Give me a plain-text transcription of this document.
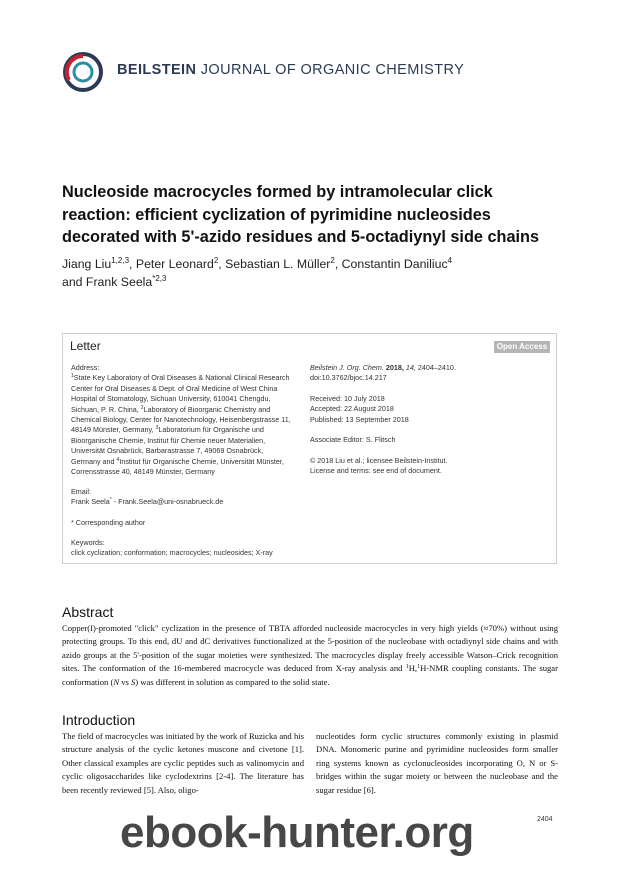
BEILSTEIN JOURNAL OF ORGANIC CHEMISTRY
Nucleoside macrocycles formed by intramolecular click reaction: efficient cyclization of pyrimidine nucleosides decorated with 5'-azido residues and 5-octadiynyl side chains
Jiang Liu$^{1,2,3}$, Peter Leonard$^2$, Sebastian L. Müller$^2$, Constantin Daniliuc$^4$
and Frank Seela$^{*2,3}$
Letter	Open Access
Address:
$^1$State Key Laboratory of Oral Diseases & National Clinical Research
Center for Oral Diseases & Dept. of Oral Medicine of West China
Hospital of Stomatology, Sichuan University, 610041 Chengdu,
Sichuan, P. R. China, $^2$Laboratory of Bioorganic Chemistry and
Chemical Biology, Center for Nanotechnology, Heisenbergstrasse 11,
48149 Münster, Germany, $^3$Laboratorium für Organische und
Bioorganische Chemie, Institut für Chemie neuer Materialien,
Universität Osnabrück, Barbarastrasse 7, 49069 Osnabrück,
Germany and $^4$Institut für Organische Chemie, Universität Münster,
Corrensstrasse 40, 48149 Münster, Germany
Email:
Frank Seela* - Frank.Seela@uni-osnabrueck.de
* Corresponding author
Keywords:
click cyclization; conformation; macrocycles; nucleosides; X-ray
Beilstein J. Org. Chem. 2018, 14, 2404–2410.
doi:10.3762/bjoc.14.217
Received: 10 July 2018
Accepted: 22 August 2018
Published: 13 September 2018
Associate Editor: S. Flitsch
© 2018 Liu et al.; licensee Beilstein-Institut.
License and terms: see end of document.
Abstract
Copper(I)-promoted "click" cyclization in the presence of TBTA afforded nucleoside macrocycles in very high yields (≈70%) without using protecting groups. To this end, dU and dC derivatives functionalized at the 5-position of the nucleobase with octadiynyl side chains and with azido groups at the 5'-position of the sugar moieties were synthesized. The macrocycles display freely accessible Watson–Crick recognition sites. The conformation of the 16-membered macrocycle was deduced from X-ray analysis and $^1$H,$^1$H-NMR coupling constants. The sugar conformation (N vs S) was different in solution as compared to the solid state.
Introduction
The field of macrocycles was initiated by the work of Ruzicka and his structure analysis of the cyclic ketones muscone and civetone [1]. Other classical examples are cyclic peptides such as valinomycin and cyclic oligosaccharides like cyclodextrins [2-4]. The literature has been recently reviewed [5]. Also, oligo-
nucleotides form cyclic structures commonly existing in plasmid DNA. Monomeric purine and pyrimidine nucleosides form smaller ring systems known as cyclonucleosides incorporating O, N or S-bridges within the sugar moiety or between the nucleobase and the sugar residue [6].
2404
ebook-hunter.org
